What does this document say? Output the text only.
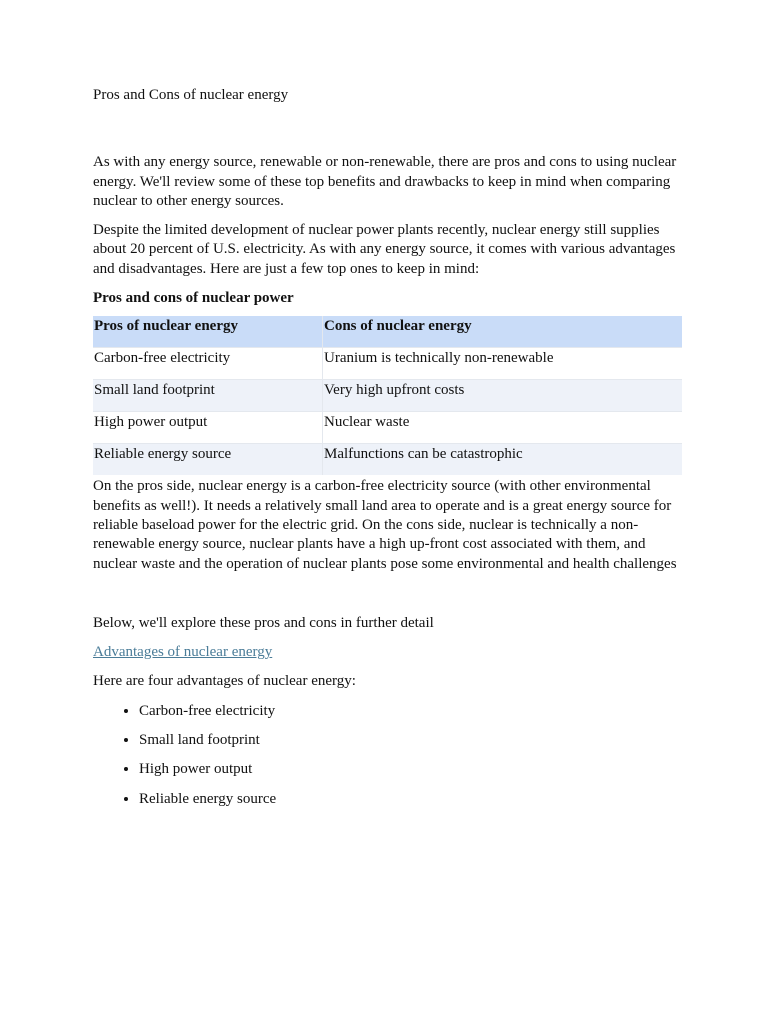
Pros and Cons of nuclear energy

As with any energy source, renewable or non-renewable, there are pros and cons to using nuclear energy. We'll review some of these top benefits and drawbacks to keep in mind when comparing nuclear to other energy sources.

Despite the limited development of nuclear power plants recently, nuclear energy still supplies about 20 percent of U.S. electricity. As with any energy source, it comes with various advantages and disadvantages. Here are just a few top ones to keep in mind:

Pros and cons of nuclear power

Pros of nuclear energy	Cons of nuclear energy
Carbon-free electricity	Uranium is technically non-renewable
Small land footprint	Very high upfront costs
High power output	Nuclear waste
Reliable energy source	Malfunctions can be catastrophic

On the pros side, nuclear energy is a carbon-free electricity source (with other environmental benefits as well!). It needs a relatively small land area to operate and is a great energy source for reliable baseload power for the electric grid. On the cons side, nuclear is technically a non-renewable energy source, nuclear plants have a high up-front cost associated with them, and nuclear waste and the operation of nuclear plants pose some environmental and health challenges

Below, we'll explore these pros and cons in further detail

Advantages of nuclear energy

Here are four advantages of nuclear energy:

• Carbon-free electricity
• Small land footprint
• High power output
• Reliable energy source
